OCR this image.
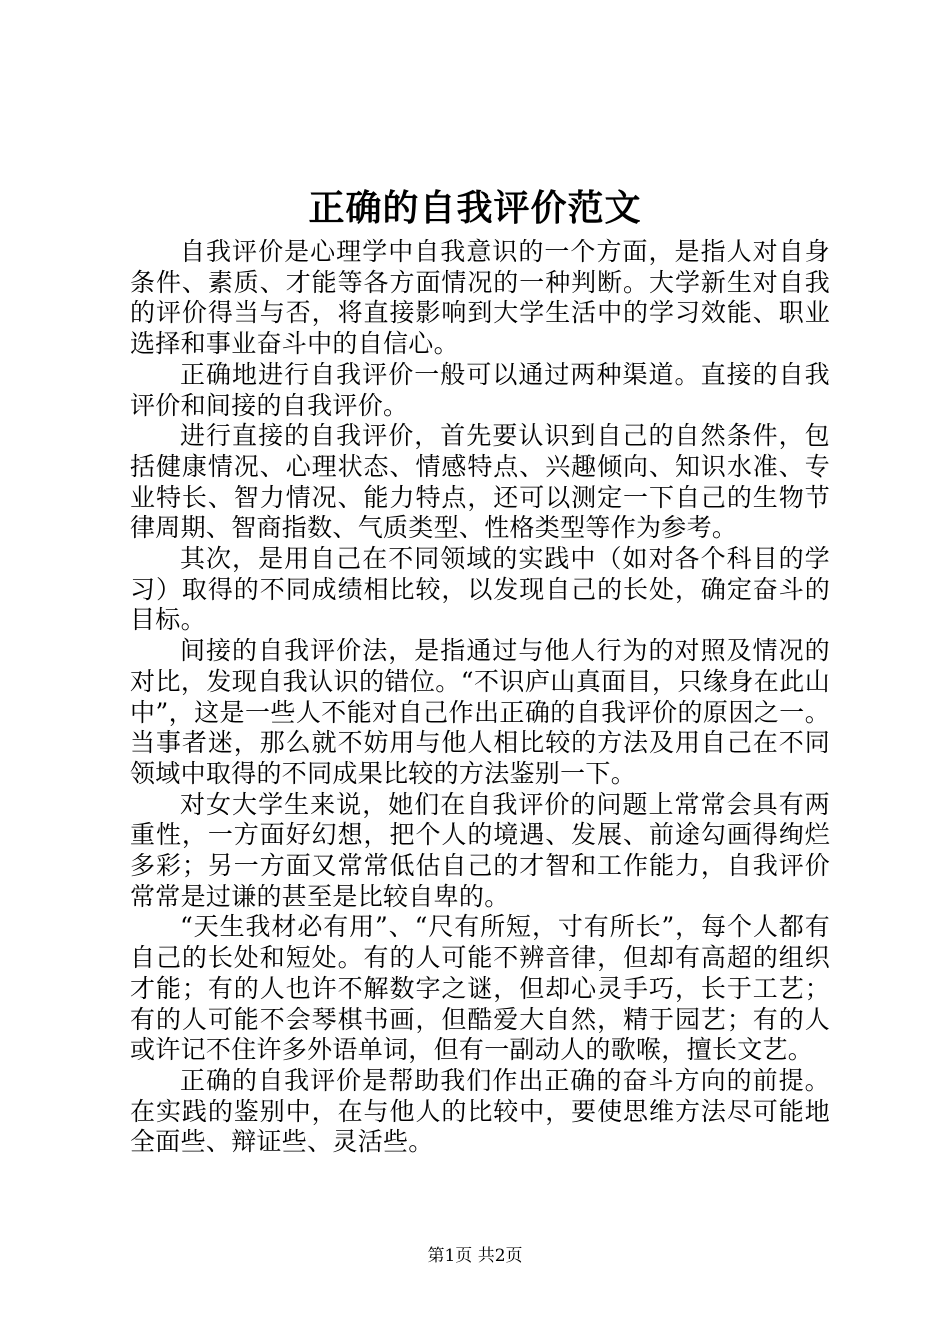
正确的自我评价范文

自我评价是心理学中自我意识的一个方面，是指人对自身条件、素质、才能等各方面情况的一种判断。大学新生对自我的评价得当与否，将直接影响到大学生活中的学习效能、职业选择和事业奋斗中的自信心。

正确地进行自我评价一般可以通过两种渠道。直接的自我评价和间接的自我评价。

进行直接的自我评价，首先要认识到自己的自然条件，包括健康情况、心理状态、情感特点、兴趣倾向、知识水准、专业特长、智力情况、能力特点，还可以测定一下自己的生物节律周期、智商指数、气质类型、性格类型等作为参考。

其次，是用自己在不同领域的实践中（如对各个科目的学习）取得的不同成绩相比较，以发现自己的长处，确定奋斗的目标。

间接的自我评价法，是指通过与他人行为的对照及情况的对比，发现自我认识的错位。“不识庐山真面目，只缘身在此山中”，这是一些人不能对自己作出正确的自我评价的原因之一。当事者迷，那么就不妨用与他人相比较的方法及用自己在不同领域中取得的不同成果比较的方法鉴别一下。

对女大学生来说，她们在自我评价的问题上常常会具有两重性，一方面好幻想，把个人的境遇、发展、前途勾画得绚烂多彩；另一方面又常常低估自己的才智和工作能力，自我评价常常是过谦的甚至是比较自卑的。

“天生我材必有用”、“尺有所短，寸有所长”，每个人都有自己的长处和短处。有的人可能不辨音律，但却有高超的组织才能；有的人也许不解数字之谜，但却心灵手巧，长于工艺；有的人可能不会琴棋书画，但酷爱大自然，精于园艺；有的人或许记不住许多外语单词，但有一副动人的歌喉，擅长文艺。

正确的自我评价是帮助我们作出正确的奋斗方向的前提。在实践的鉴别中，在与他人的比较中，要使思维方法尽可能地全面些、辩证些、灵活些。

第1页 共2页
